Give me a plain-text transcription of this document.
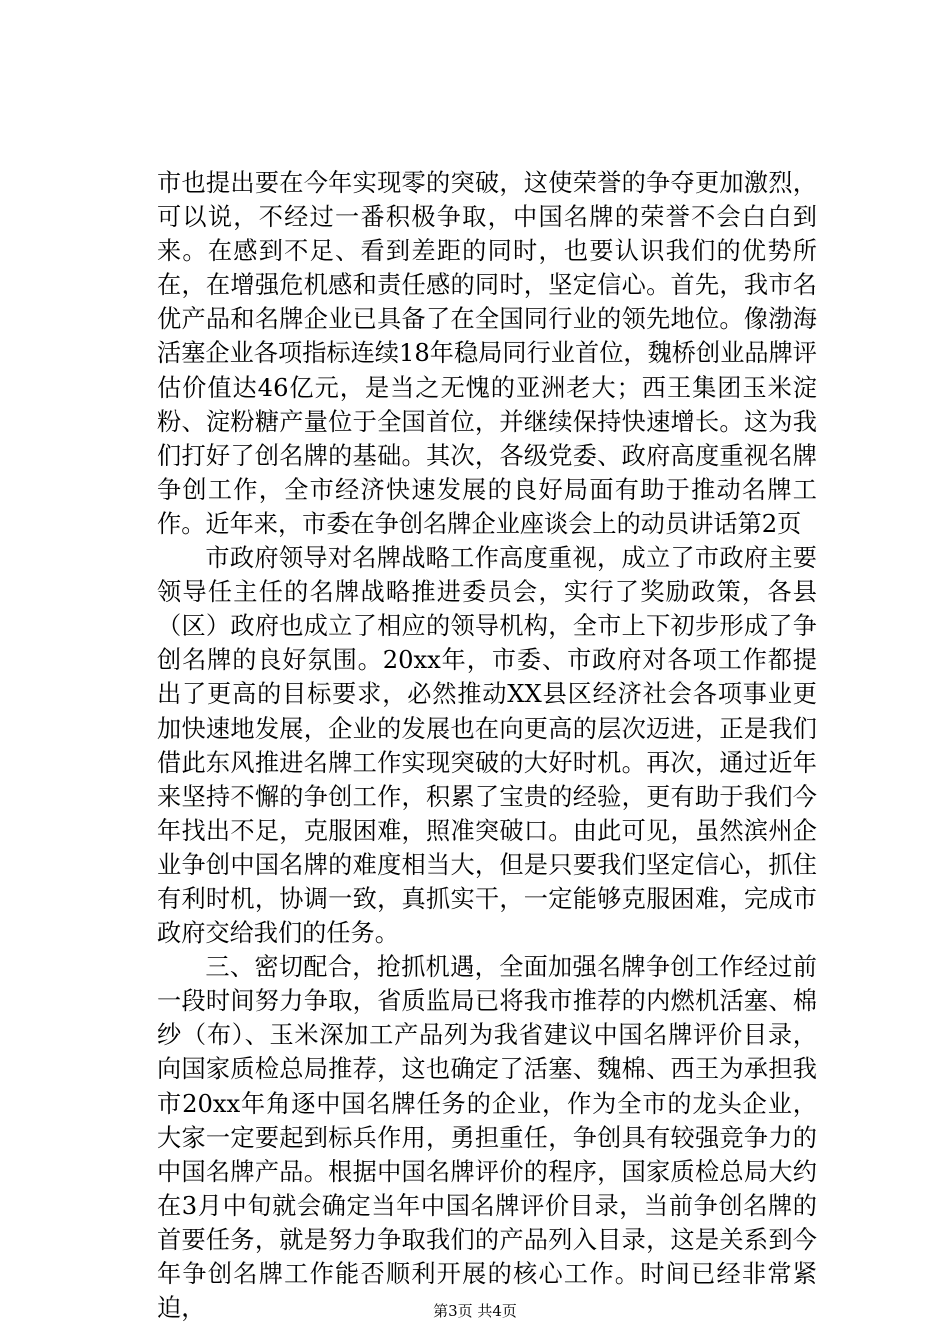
市也提出要在今年实现零的突破，这使荣誉的争夺更加激烈，可以说，不经过一番积极争取，中国名牌的荣誉不会白白到来。在感到不足、看到差距的同时，也要认识我们的优势所在，在增强危机感和责任感的同时，坚定信心。首先，我市名优产品和名牌企业已具备了在全国同行业的领先地位。像渤海活塞企业各项指标连续18年稳局同行业首位，魏桥创业品牌评估价值达46亿元，是当之无愧的亚洲老大；西王集团玉米淀粉、淀粉糖产量位于全国首位，并继续保持快速增长。这为我们打好了创名牌的基础。其次，各级党委、政府高度重视名牌争创工作，全市经济快速发展的良好局面有助于推动名牌工作。近年来，市委在争创名牌企业座谈会上的动员讲话第2页

市政府领导对名牌战略工作高度重视，成立了市政府主要领导任主任的名牌战略推进委员会，实行了奖励政策，各县（区）政府也成立了相应的领导机构，全市上下初步形成了争创名牌的良好氛围。20xx年，市委、市政府对各项工作都提出了更高的目标要求，必然推动XX县区经济社会各项事业更加快速地发展，企业的发展也在向更高的层次迈进，正是我们借此东风推进名牌工作实现突破的大好时机。再次，通过近年来坚持不懈的争创工作，积累了宝贵的经验，更有助于我们今年找出不足，克服困难，照准突破口。由此可见，虽然滨州企业争创中国名牌的难度相当大，但是只要我们坚定信心，抓住有利时机，协调一致，真抓实干，一定能够克服困难，完成市政府交给我们的任务。

三、密切配合，抢抓机遇，全面加强名牌争创工作经过前一段时间努力争取，省质监局已将我市推荐的内燃机活塞、棉纱（布）、玉米深加工产品列为我省建议中国名牌评价目录，向国家质检总局推荐，这也确定了活塞、魏棉、西王为承担我市20xx年角逐中国名牌任务的企业，作为全市的龙头企业，大家一定要起到标兵作用，勇担重任，争创具有较强竞争力的中国名牌产品。根据中国名牌评价的程序，国家质检总局大约在3月中旬就会确定当年中国名牌评价目录，当前争创名牌的首要任务，就是努力争取我们的产品列入目录，这是关系到今年争创名牌工作能否顺利开展的核心工作。时间已经非常紧迫，	第3页 共4页
